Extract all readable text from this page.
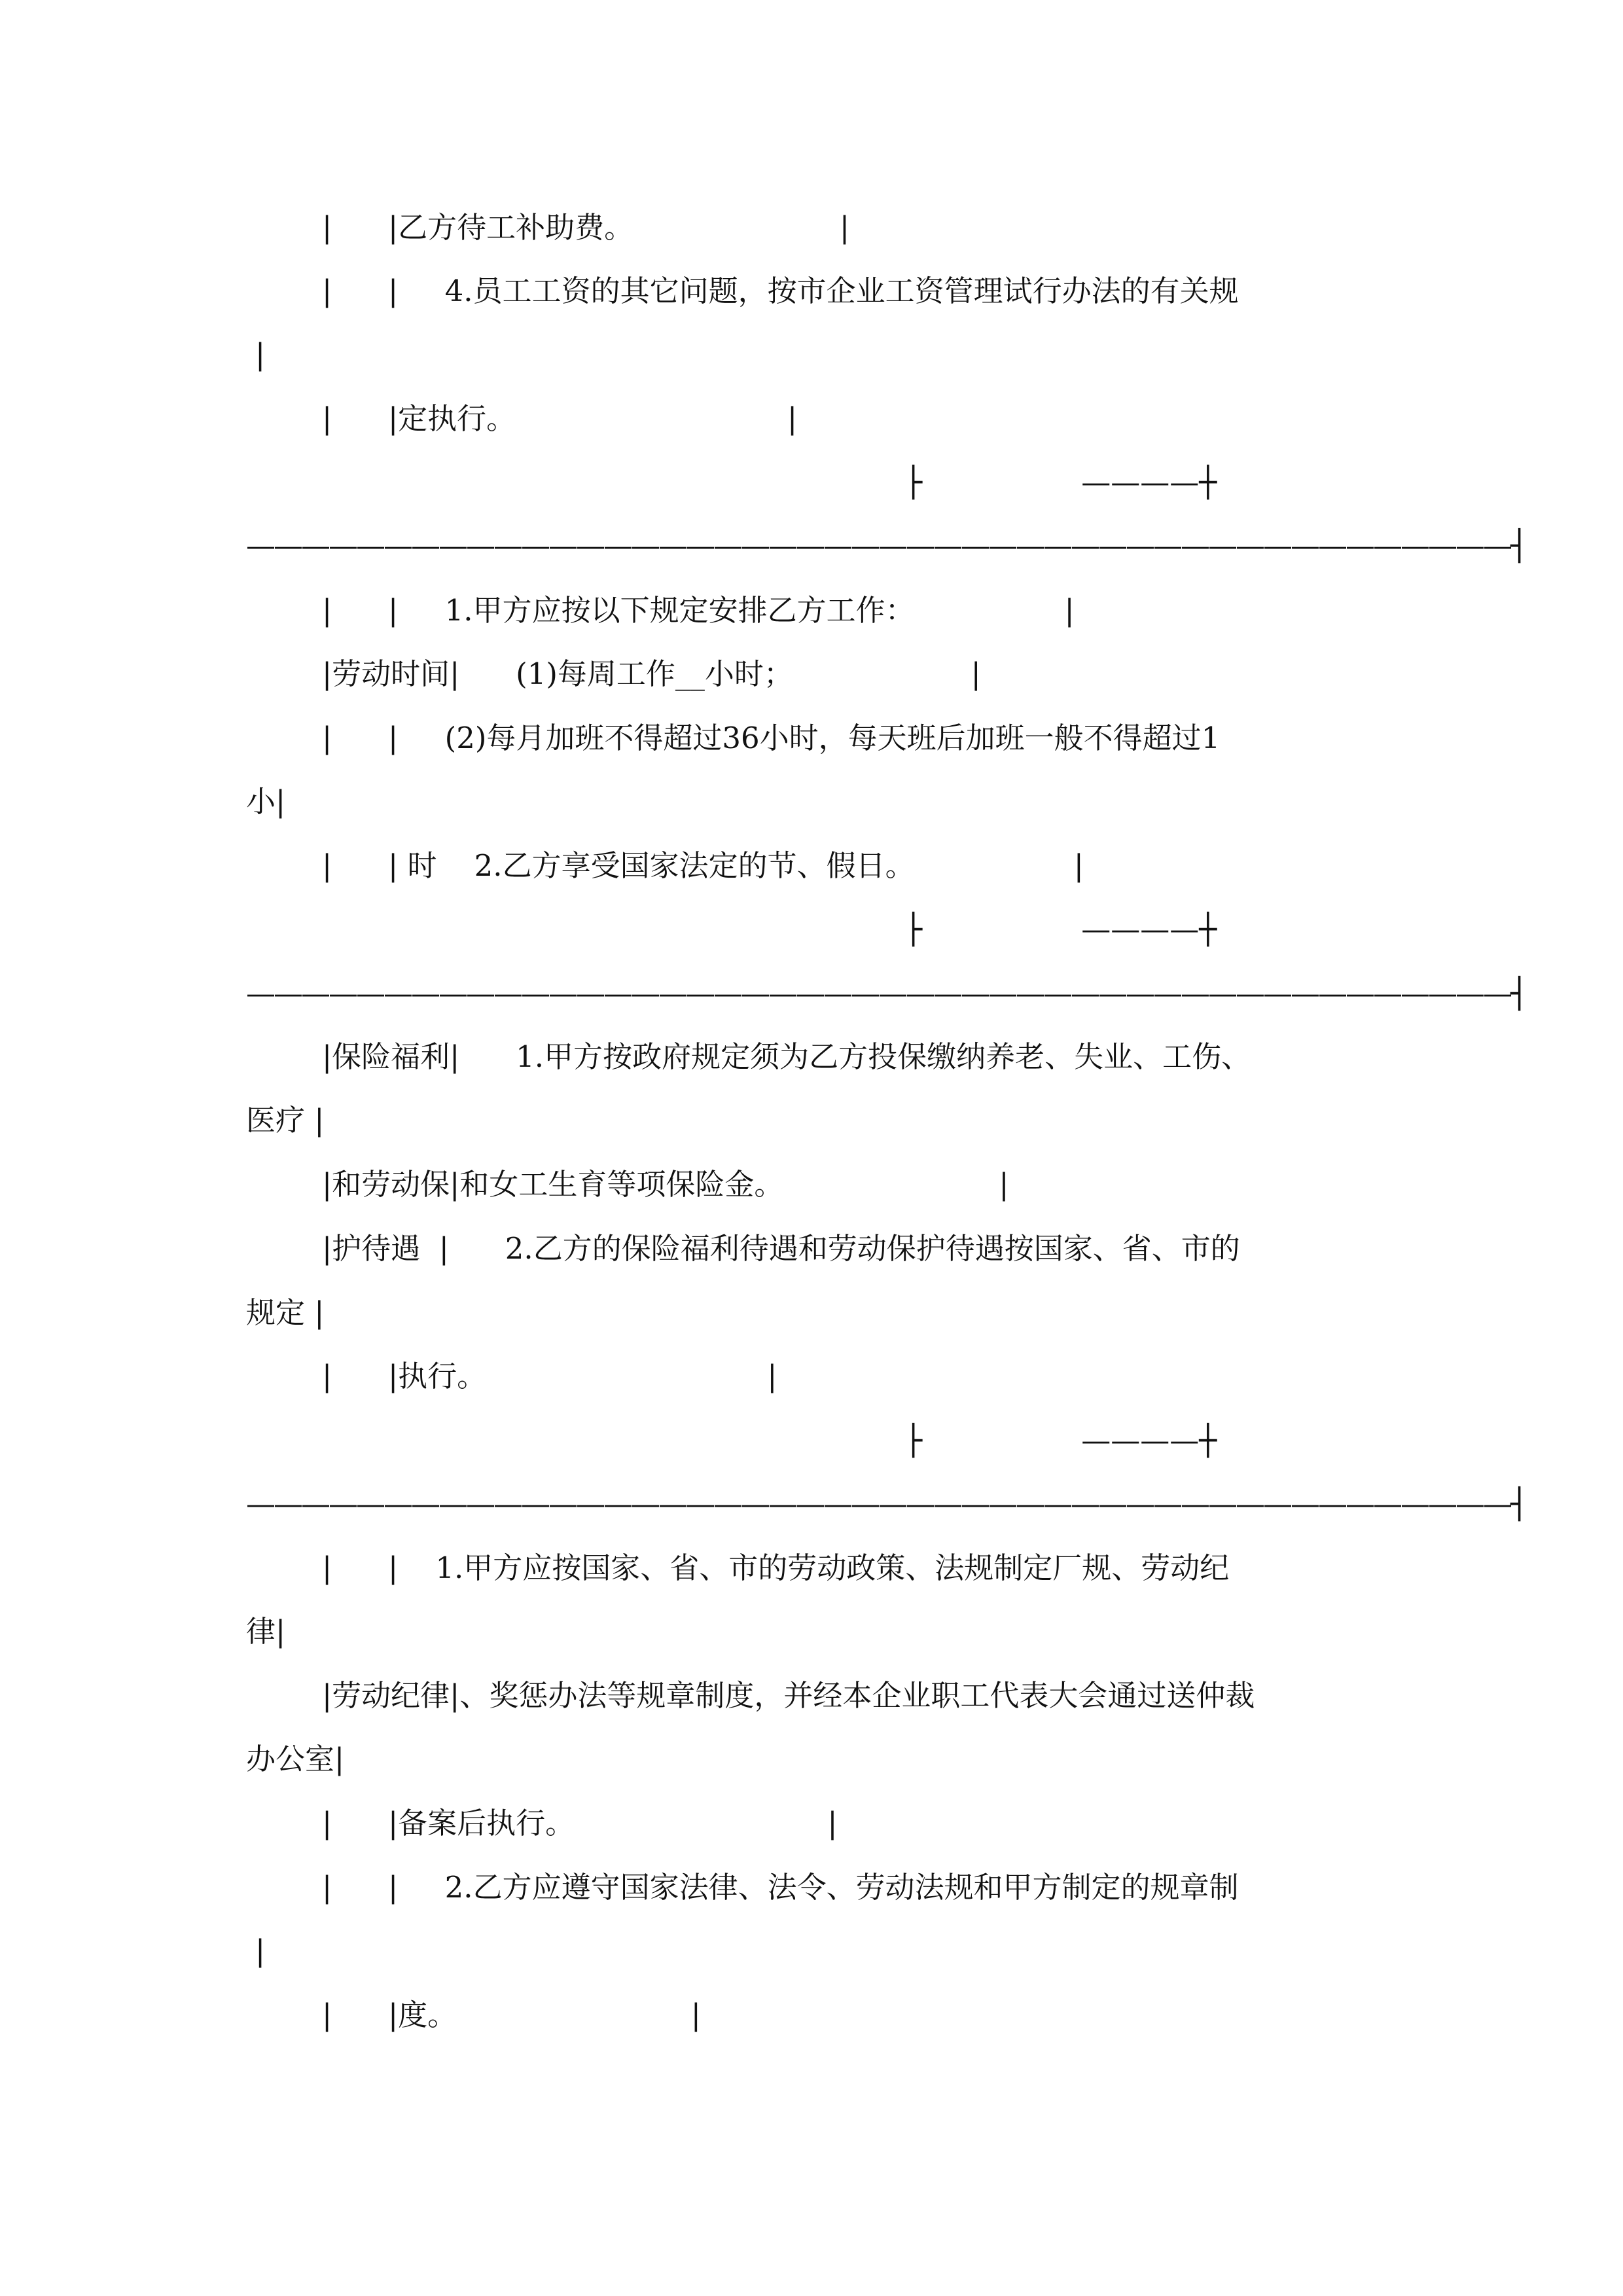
|      |乙方待工补助费。                      |
|      |     4.员工工资的其它问题，按市企业工资管理试行办法的有关规
|
|      |定执行。                             |
├                 ————┼
——————————————————————————————————————————————┤
|      |     1.甲方应按以下规定安排乙方工作：                |
|劳动时间|      (1)每周工作__小时；                   |
|      |     (2)每月加班不得超过36小时，每天班后加班一般不得超过1
小|
|      | 时    2.乙方享受国家法定的节、假日。                 |
├                 ————┼
——————————————————————————————————————————————┤
|保险福利|      1.甲方按政府规定须为乙方投保缴纳养老、失业、工伤、
医疗 |
|和劳动保|和女工生育等项保险金。                       |
|护待遇  |      2.乙方的保险福利待遇和劳动保护待遇按国家、省、市的
规定 |
|      |执行。                              |
├                 ————┼
——————————————————————————————————————————————┤
|      |    1.甲方应按国家、省、市的劳动政策、法规制定厂规、劳动纪
律|
|劳动纪律|、奖惩办法等规章制度，并经本企业职工代表大会通过送仲裁
办公室|
|      |备案后执行。                           |
|      |     2.乙方应遵守国家法律、法令、劳动法规和甲方制定的规章制
|
|      |度。                         |
